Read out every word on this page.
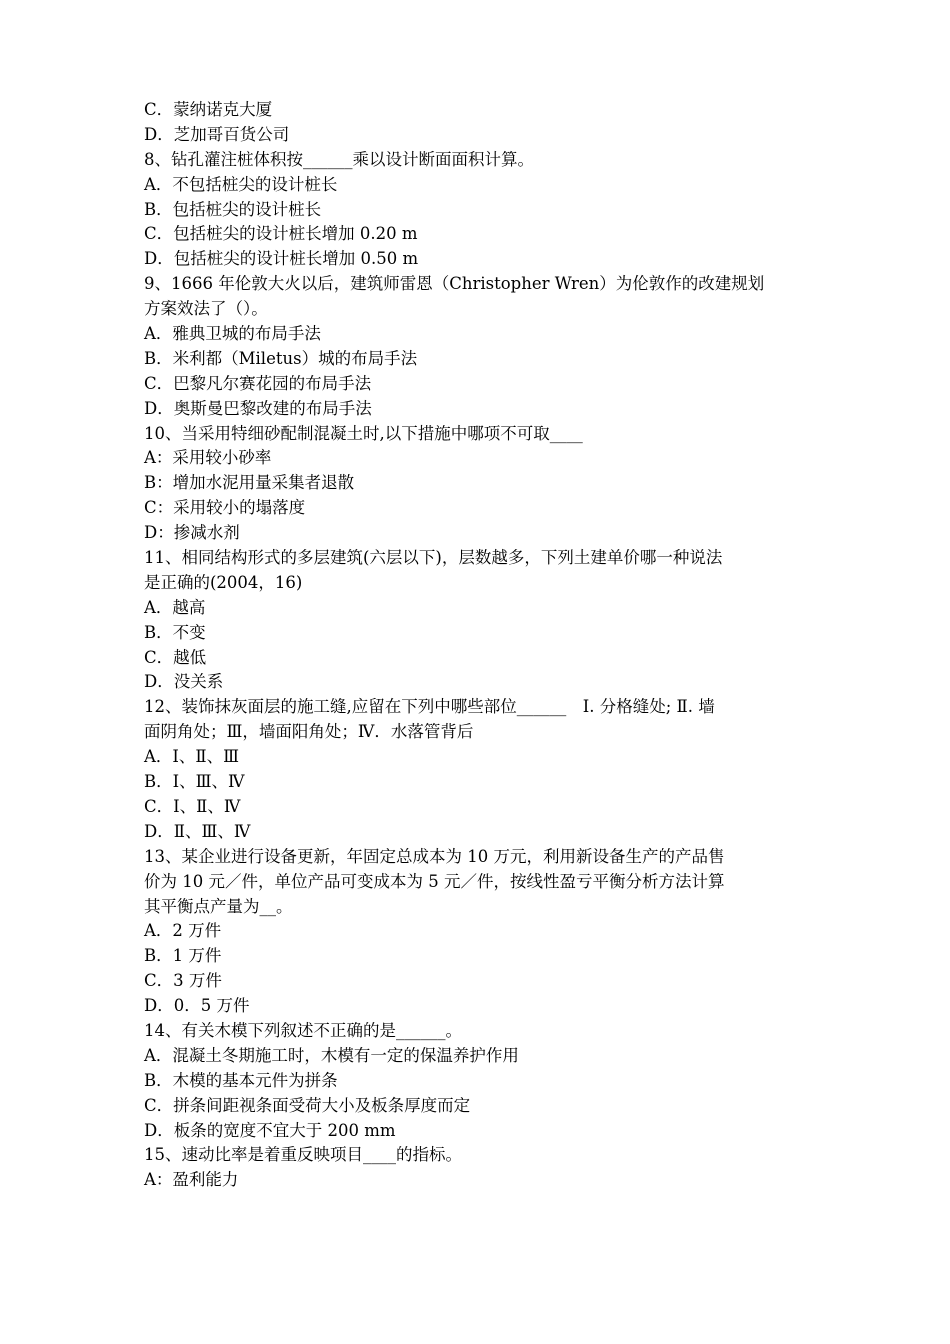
C．蒙纳诺克大厦
D．芝加哥百货公司
8、钻孔灌注桩体积按______乘以设计断面面积计算。
A．不包括桩尖的设计桩长
B．包括桩尖的设计桩长
C．包括桩尖的设计桩长增加 0.20 m
D．包括桩尖的设计桩长增加 0.50 m
9、1666 年伦敦大火以后，建筑师雷恩（Christopher Wren）为伦敦作的改建规划
方案效法了（）。
A．雅典卫城的布局手法
B．米利都（Miletus）城的布局手法
C．巴黎凡尔赛花园的布局手法
D．奥斯曼巴黎改建的布局手法
10、当采用特细砂配制混凝土时,以下措施中哪项不可取____
A：采用较小砂率
B：增加水泥用量采集者退散
C：采用较小的塌落度
D：掺减水剂
11、相同结构形式的多层建筑(六层以下)，层数越多，下列土建单价哪一种说法
是正确的(2004，16)
A．越高
B．不变
C．越低
D．没关系
12、装饰抹灰面层的施工缝,应留在下列中哪些部位______　Ⅰ. 分格缝处; Ⅱ. 墙
面阴角处；Ⅲ，墙面阳角处；Ⅳ．水落管背后
A．Ⅰ、Ⅱ、Ⅲ
B．Ⅰ、Ⅲ、Ⅳ
C．Ⅰ、Ⅱ、Ⅳ
D．Ⅱ、Ⅲ、Ⅳ
13、某企业进行设备更新，年固定总成本为 10 万元，利用新设备生产的产品售
价为 10 元／件，单位产品可变成本为 5 元／件，按线性盈亏平衡分析方法计算
其平衡点产量为__。
A．2 万件
B．1 万件
C．3 万件
D．0．5 万件
14、有关木模下列叙述不正确的是______。
A．混凝土冬期施工时，木模有一定的保温养护作用
B．木模的基本元件为拼条
C．拼条间距视条面受荷大小及板条厚度而定
D．板条的宽度不宜大于 200 mm
15、速动比率是着重反映项目____的指标。
A：盈利能力
